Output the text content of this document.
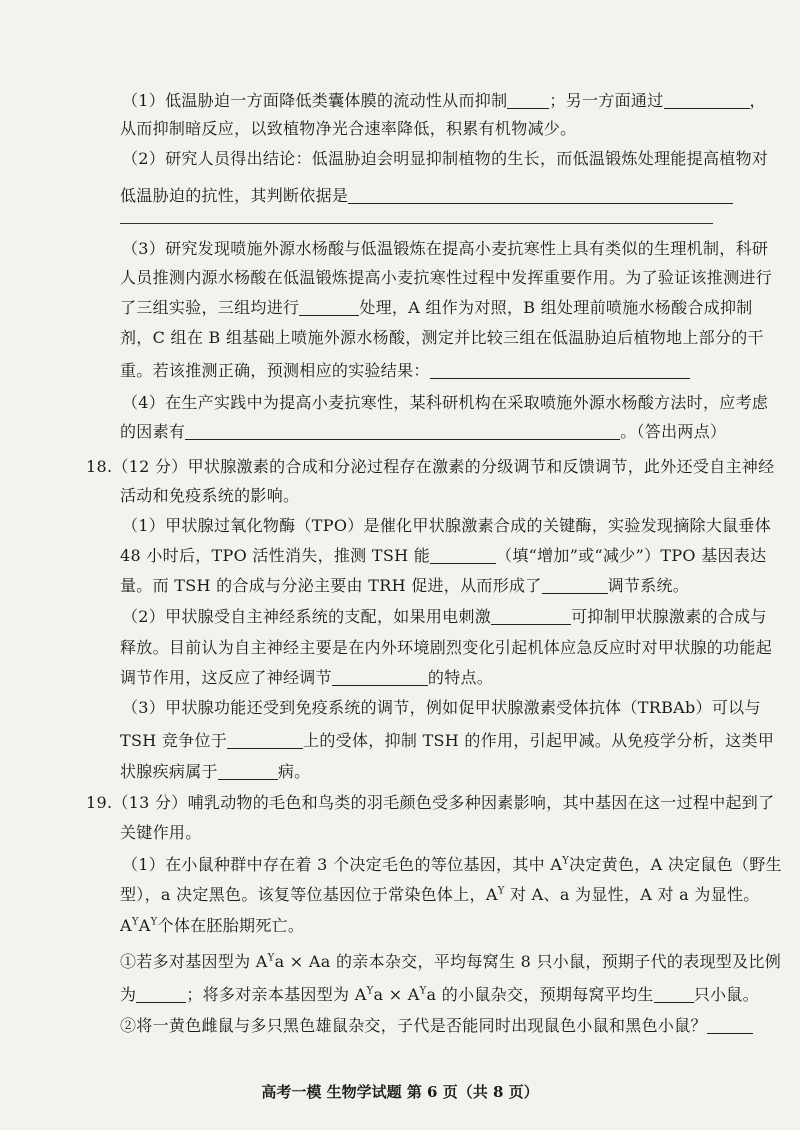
（1）低温胁迫一方面降低类囊体膜的流动性从而抑制	；另一方面通过	，
从而抑制暗反应，以致植物净光合速率降低，积累有机物减少。
（2）研究人员得出结论：低温胁迫会明显抑制植物的生长，而低温锻炼处理能提高植物对
低温胁迫的抗性，其判断依据是
（3）研究发现喷施外源水杨酸与低温锻炼在提高小麦抗寒性上具有类似的生理机制，科研
人员推测内源水杨酸在低温锻炼提高小麦抗寒性过程中发挥重要作用。为了验证该推测进行
了三组实验，三组均进行	处理，A 组作为对照，B 组处理前喷施水杨酸合成抑制
剂，C 组在 B 组基础上喷施外源水杨酸，测定并比较三组在低温胁迫后植物地上部分的干
重。若该推测正确，预测相应的实验结果：
（4）在生产实践中为提高小麦抗寒性，某科研机构在采取喷施外源水杨酸方法时，应考虑
的因素有	。（答出两点）
18.（12 分）甲状腺激素的合成和分泌过程存在激素的分级调节和反馈调节，此外还受自主神经
活动和免疫系统的影响。
（1）甲状腺过氧化物酶（TPO）是催化甲状腺激素合成的关键酶，实验发现摘除大鼠垂体
48 小时后，TPO 活性消失，推测 TSH 能	（填“增加”或“减少”）TPO 基因表达
量。而 TSH 的合成与分泌主要由 TRH 促进，从而形成了	调节系统。
（2）甲状腺受自主神经系统的支配，如果用电刺激	可抑制甲状腺激素的合成与
释放。目前认为自主神经主要是在内外环境剧烈变化引起机体应急反应时对甲状腺的功能起
调节作用，这反应了神经调节	的特点。
（3）甲状腺功能还受到免疫系统的调节，例如促甲状腺激素受体抗体（TRBAb）可以与
TSH 竞争位于	上的受体，抑制 TSH 的作用，引起甲减。从免疫学分析，这类甲
状腺疾病属于	病。
19.（13 分）哺乳动物的毛色和鸟类的羽毛颜色受多种因素影响，其中基因在这一过程中起到了
关键作用。
（1）在小鼠种群中存在着 3 个决定毛色的等位基因，其中 $A^Y$决定黄色，A 决定鼠色（野生
型），a 决定黑色。该复等位基因位于常染色体上，$A^Y$ 对 A、a 为显性，A 对 a 为显性。
$A^YA^Y$个体在胚胎期死亡。
①若多对基因型为 $A^Ya \times Aa$ 的亲本杂交，平均每窝生 8 只小鼠，预期子代的表现型及比例
为	；将多对亲本基因型为 $A^Ya \times A^Ya$ 的小鼠杂交，预期每窝平均生	只小鼠。
②将一黄色雌鼠与多只黑色雄鼠杂交，子代是否能同时出现鼠色小鼠和黑色小鼠？
高考一模 生物学试题 第 6 页（共 8 页）
